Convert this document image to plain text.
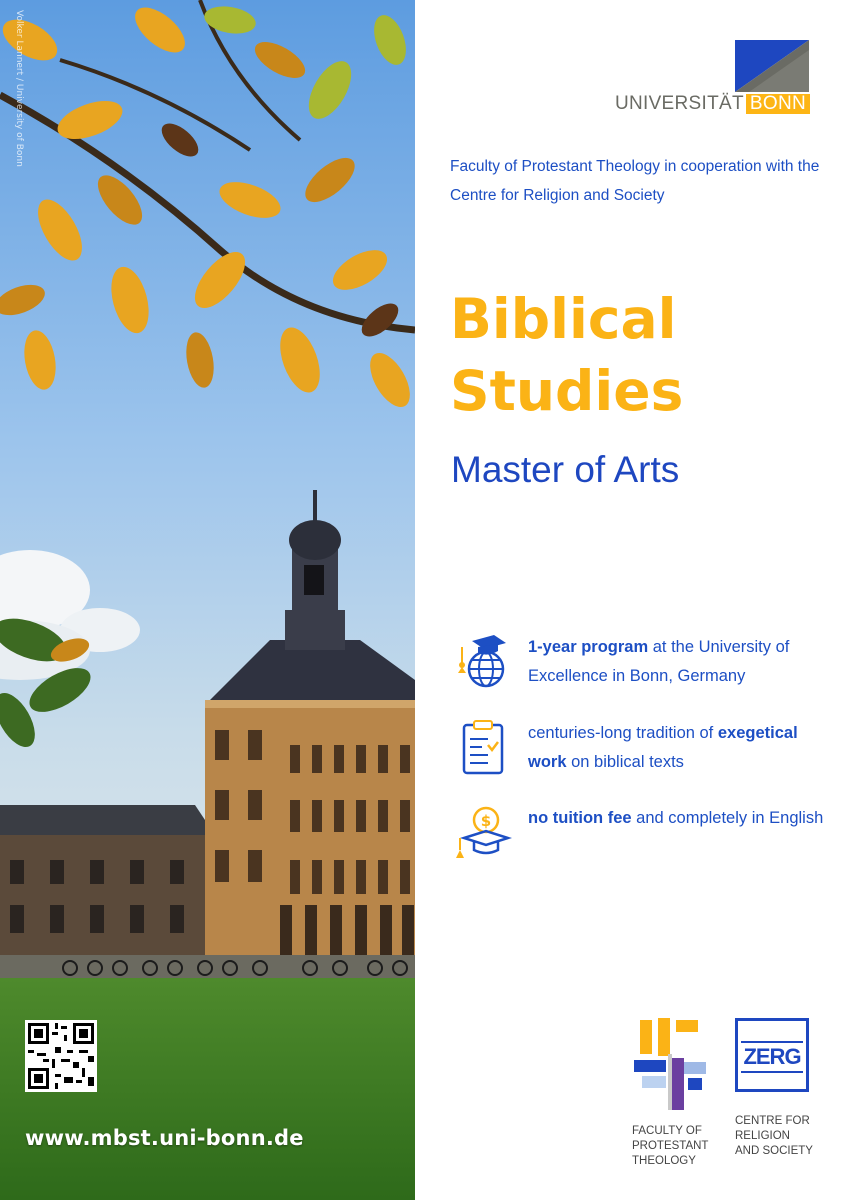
Volker Lannert / University of Bonn
www.mbst.uni-bonn.de
UNIVERSITÄT BONN
Faculty of Protestant Theology in cooperation with the Centre for Religion and Society
Biblical
Studies
Master of Arts
1-year program at the University of Excellence in Bonn, Germany
centuries-long tradition of exegetical work on biblical texts
$ no tuition fee and completely in English
FACULTY OF
PROTESTANT
THEOLOGY
ZERG
CENTRE FOR
RELIGION
AND SOCIETY
